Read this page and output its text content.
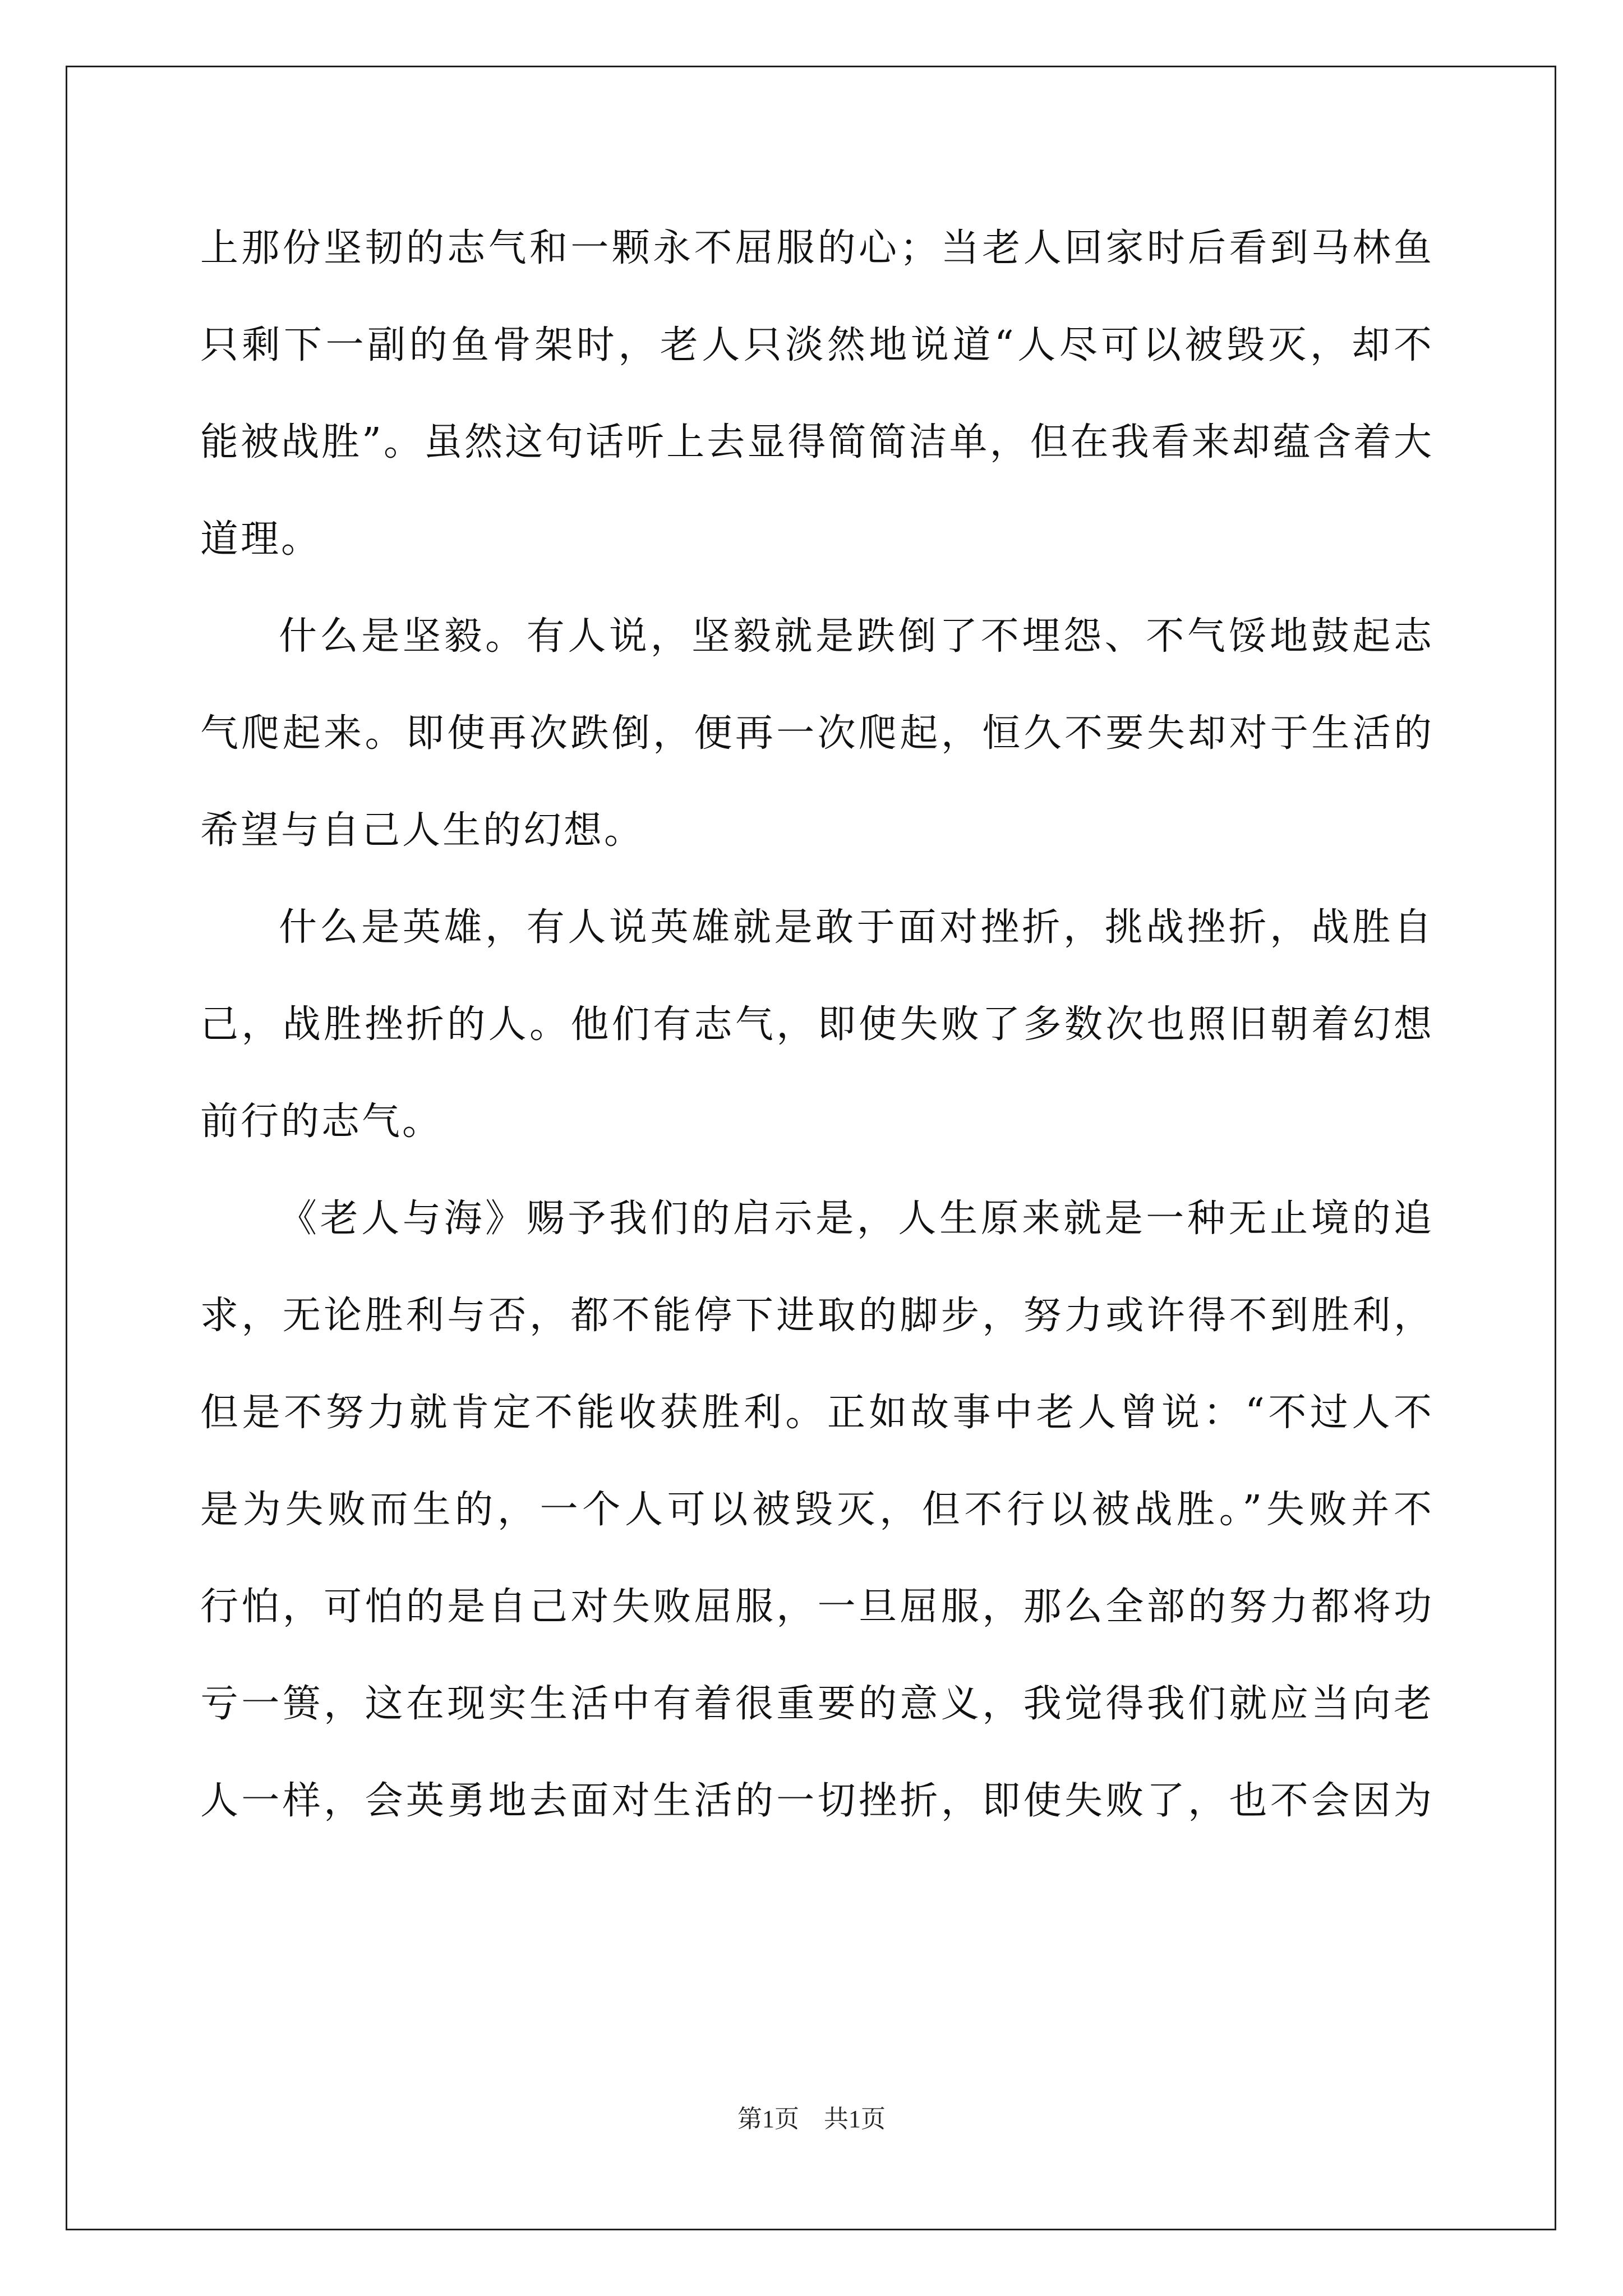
上那份坚韧的志气和一颗永不屈服的心；当老人回家时后看到马林鱼
只剩下一副的鱼骨架时，老人只淡然地说道“人尽可以被毁灭，却不
能被战胜”。虽然这句话听上去显得简简洁单，但在我看来却蕴含着大
道理。
什么是坚毅。有人说，坚毅就是跌倒了不埋怨、不气馁地鼓起志
气爬起来。即使再次跌倒，便再一次爬起，恒久不要失却对于生活的
希望与自己人生的幻想。
什么是英雄，有人说英雄就是敢于面对挫折，挑战挫折，战胜自
己，战胜挫折的人。他们有志气，即使失败了多数次也照旧朝着幻想
前行的志气。
《老人与海》赐予我们的启示是，人生原来就是一种无止境的追
求，无论胜利与否，都不能停下进取的脚步，努力或许得不到胜利，
但是不努力就肯定不能收获胜利。正如故事中老人曾说：“不过人不
是为失败而生的，一个人可以被毁灭，但不行以被战胜。”失败并不
行怕，可怕的是自己对失败屈服，一旦屈服，那么全部的努力都将功
亏一篑，这在现实生活中有着很重要的意义，我觉得我们就应当向老
人一样，会英勇地去面对生活的一切挫折，即使失败了，也不会因为
第1页　共1页
